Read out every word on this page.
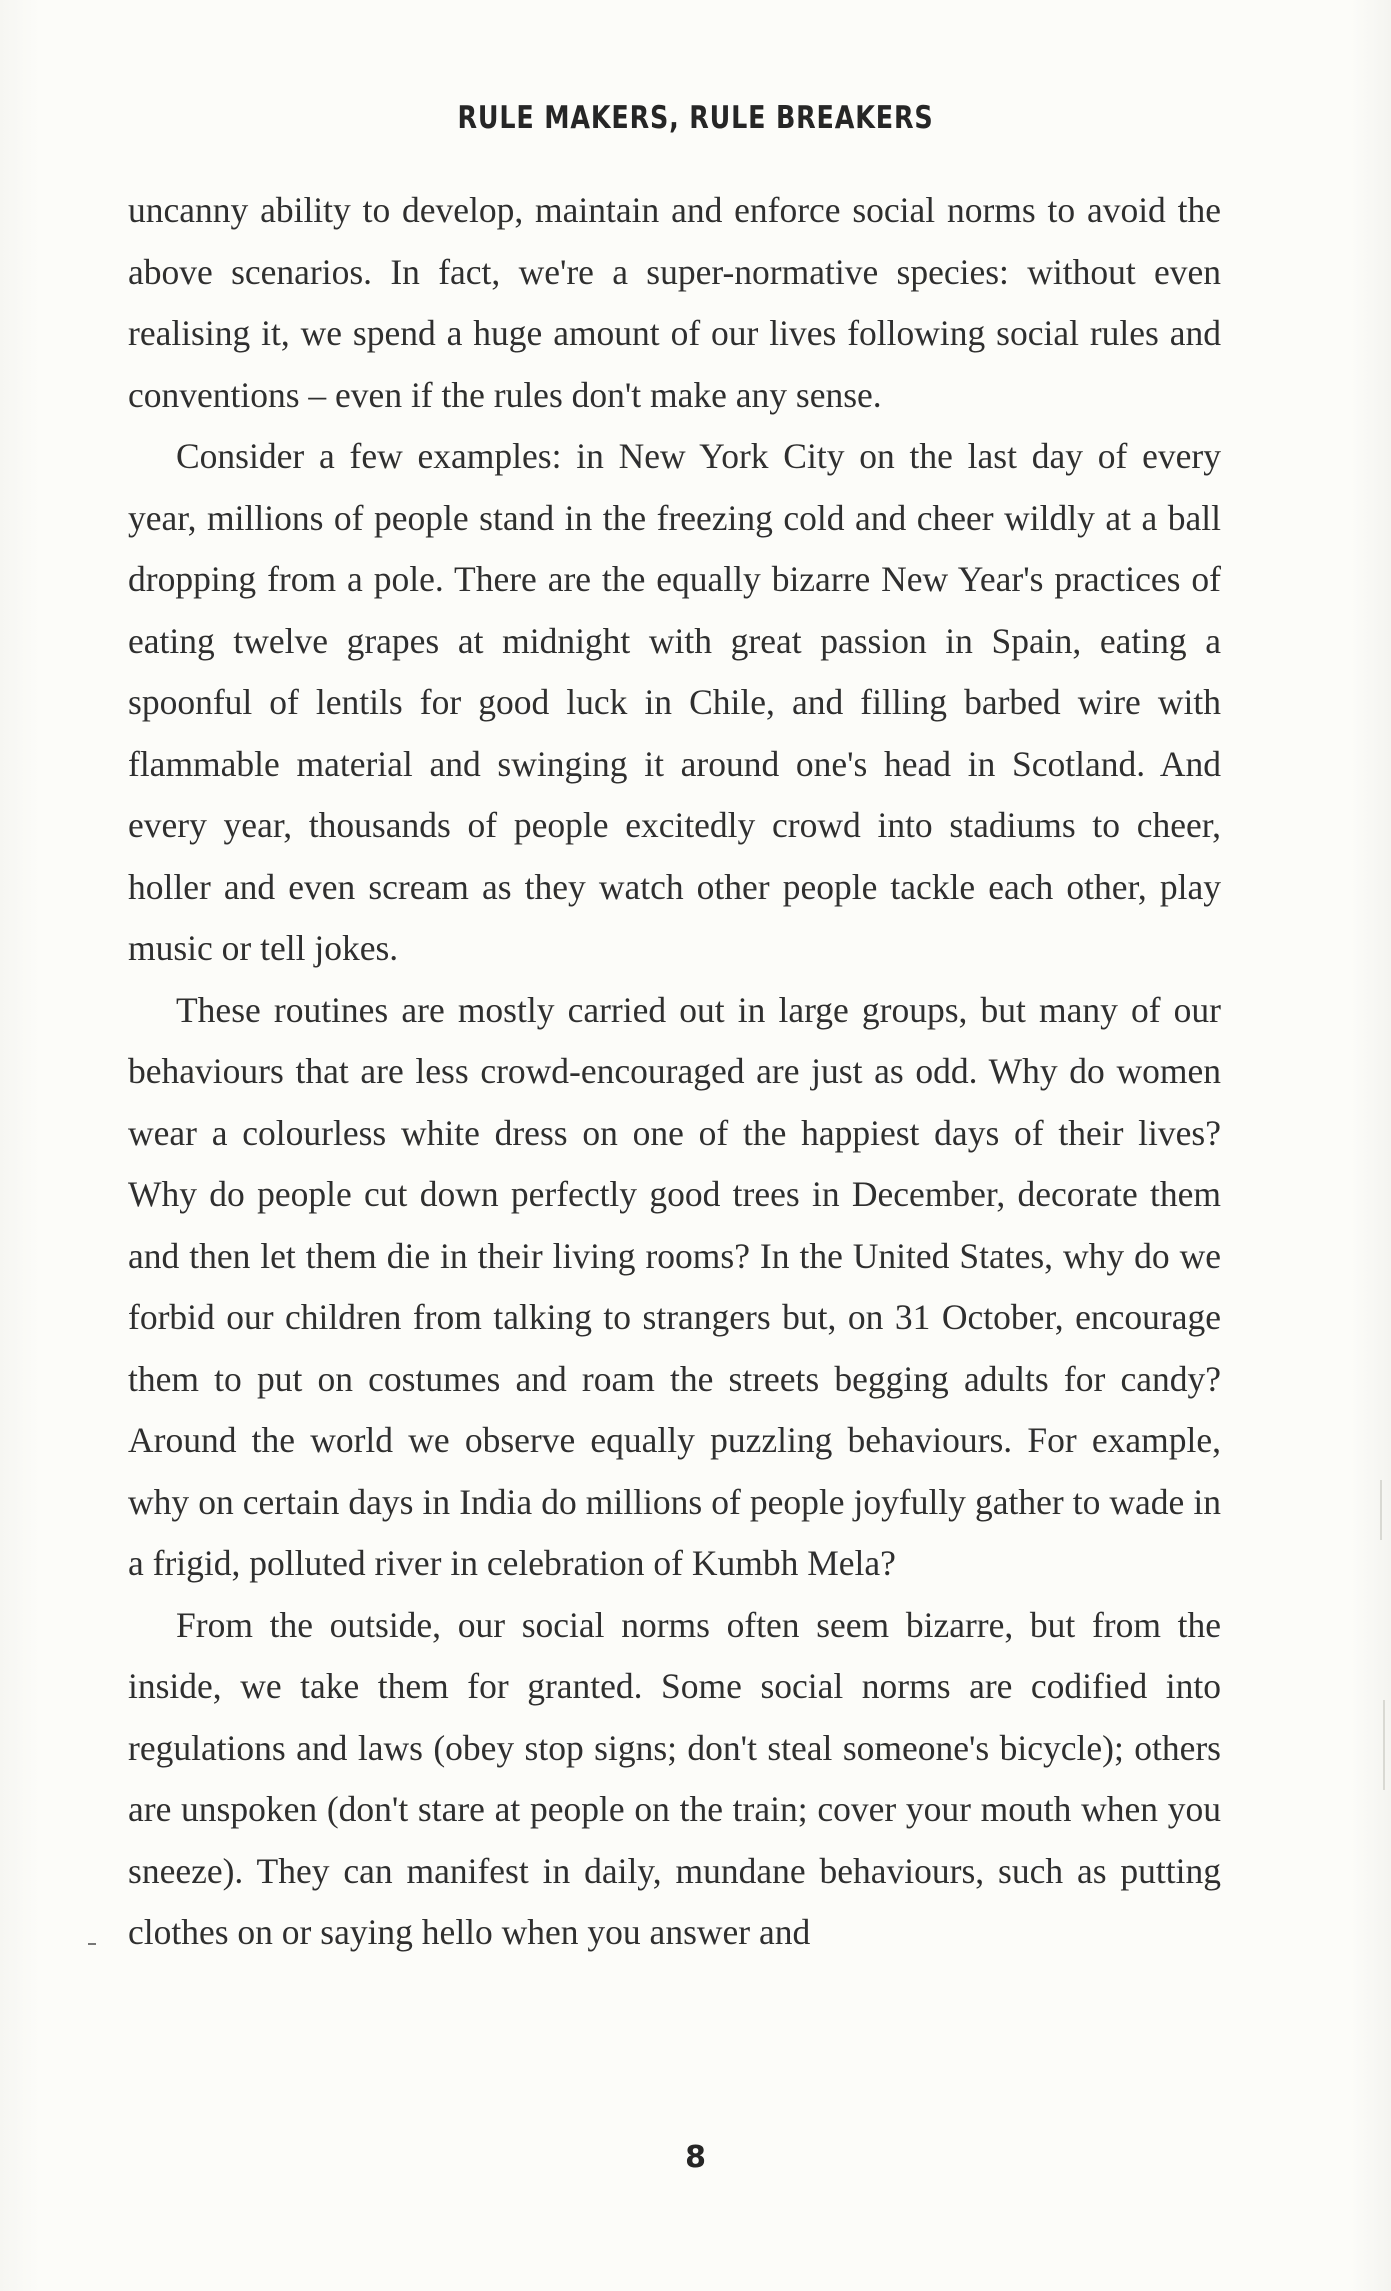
RULE MAKERS, RULE BREAKERS

uncanny ability to develop, maintain and enforce social norms to avoid the above scenarios. In fact, we're a super-normative species: without even realising it, we spend a huge amount of our lives following social rules and conventions – even if the rules don't make any sense.

Consider a few examples: in New York City on the last day of every year, millions of people stand in the freezing cold and cheer wildly at a ball dropping from a pole. There are the equally bizarre New Year's practices of eating twelve grapes at midnight with great passion in Spain, eating a spoonful of lentils for good luck in Chile, and filling barbed wire with flammable material and swinging it around one's head in Scotland. And every year, thousands of people excitedly crowd into stadiums to cheer, holler and even scream as they watch other people tackle each other, play music or tell jokes.

These routines are mostly carried out in large groups, but many of our behaviours that are less crowd-encouraged are just as odd. Why do women wear a colourless white dress on one of the happiest days of their lives? Why do people cut down perfectly good trees in December, decorate them and then let them die in their living rooms? In the United States, why do we forbid our children from talking to strangers but, on 31 October, encourage them to put on costumes and roam the streets begging adults for candy? Around the world we observe equally puzzling behaviours. For example, why on certain days in India do millions of people joyfully gather to wade in a frigid, polluted river in celebration of Kumbh Mela?

From the outside, our social norms often seem bizarre, but from the inside, we take them for granted. Some social norms are codified into regulations and laws (obey stop signs; don't steal someone's bicycle); others are unspoken (don't stare at people on the train; cover your mouth when you sneeze). They can manifest in daily, mundane behaviours, such as putting clothes on or saying hello when you answer and

8
